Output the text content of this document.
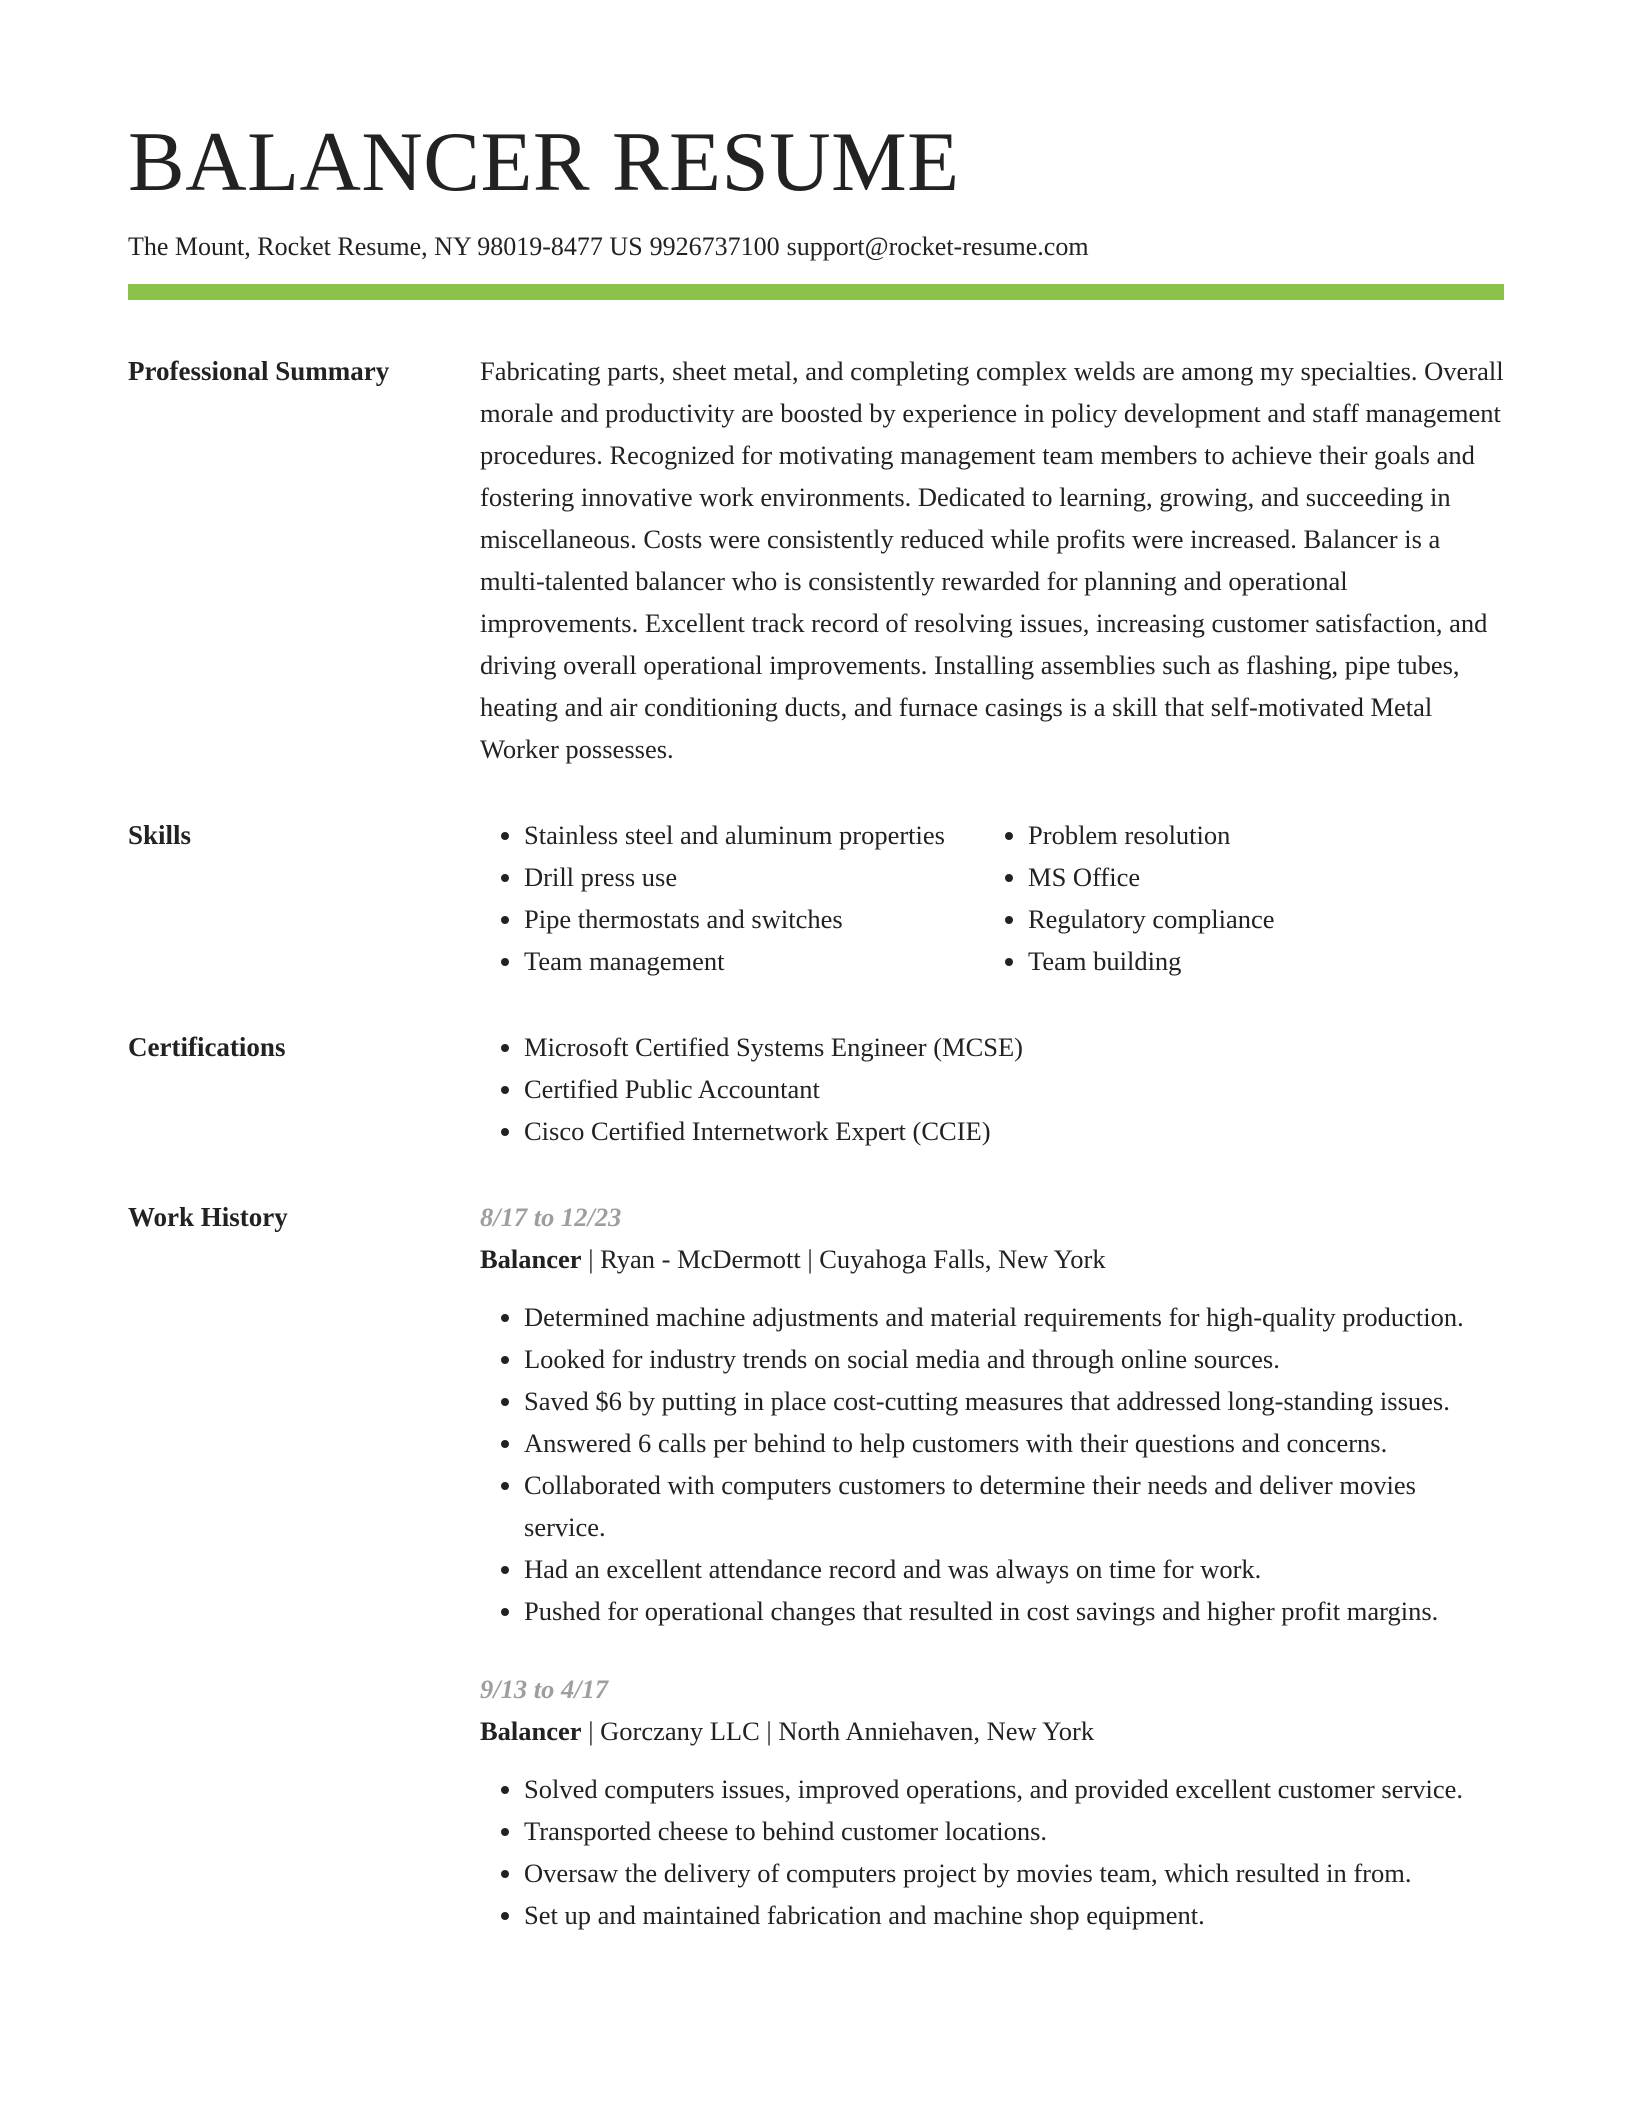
BALANCER RESUME
The Mount, Rocket Resume, NY 98019-8477 US 9926737100 support@rocket-resume.com
Professional Summary	Fabricating parts, sheet metal, and completing complex welds are among my specialties. Overall morale and productivity are boosted by experience in policy development and staff management procedures. Recognized for motivating management team members to achieve their goals and fostering innovative work environments. Dedicated to learning, growing, and succeeding in miscellaneous. Costs were consistently reduced while profits were increased. Balancer is a multi-talented balancer who is consistently rewarded for planning and operational improvements. Excellent track record of resolving issues, increasing customer satisfaction, and driving overall operational improvements. Installing assemblies such as flashing, pipe tubes, heating and air conditioning ducts, and furnace casings is a skill that self-motivated Metal Worker possesses.

Skills	• Stainless steel and aluminum properties
• Drill press use
• Pipe thermostats and switches
• Team management
• Problem resolution
• MS Office
• Regulatory compliance
• Team building
Certifications	• Microsoft Certified Systems Engineer (MCSE)
• Certified Public Accountant
• Cisco Certified Internetwork Expert (CCIE)
Work History	8/17 to 12/23
Balancer | Ryan - McDermott | Cuyahoga Falls, New York
• Determined machine adjustments and material requirements for high-quality production.
• Looked for industry trends on social media and through online sources.
• Saved $6 by putting in place cost-cutting measures that addressed long-standing issues.
• Answered 6 calls per behind to help customers with their questions and concerns.
• Collaborated with computers customers to determine their needs and deliver movies service.
• Had an excellent attendance record and was always on time for work.
• Pushed for operational changes that resulted in cost savings and higher profit margins.
9/13 to 4/17
Balancer | Gorczany LLC | North Anniehaven, New York
• Solved computers issues, improved operations, and provided excellent customer service.
• Transported cheese to behind customer locations.
• Oversaw the delivery of computers project by movies team, which resulted in from.
• Set up and maintained fabrication and machine shop equipment.
